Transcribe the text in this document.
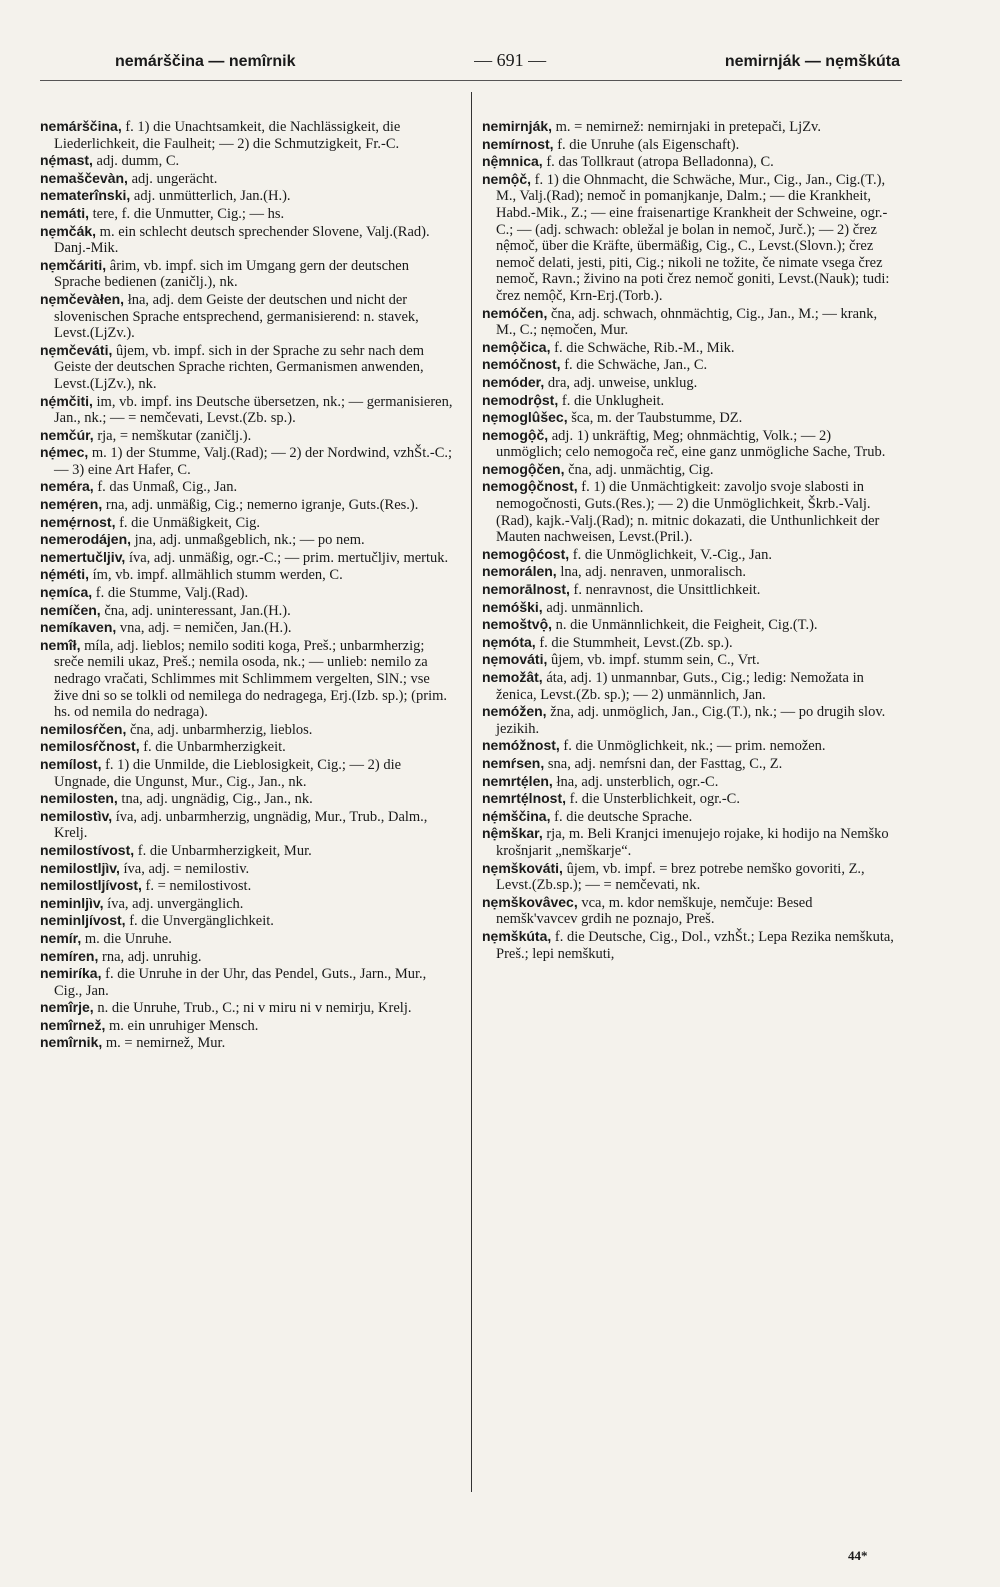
nemárščina — nemîrnik	— 691 —	nemirnják — nẹmškúta

nemárščina, f. 1) die Unachtsamkeit, die Nachlässigkeit, die Liederlichkeit, die Faulheit; — 2) die Schmutzigkeit, Fr.-C.

nẹ́mast, adj. dumm, C.

nemaščevàn, adj. ungerächt.

nematerînski, adj. unmütterlich, Jan.(H.).

nemáti, tere, f. die Unmutter, Cig.; — hs.

nẹmčák, m. ein schlecht deutsch sprechender Slovene, Valj.(Rad). Danj.-Mik.

nẹmčáriti, ârim, vb. impf. sich im Umgang gern der deutschen Sprache bedienen (zaničlj.), nk.

nẹmčevàłen, łna, adj. dem Geiste der deutschen und nicht der slovenischen Sprache entsprechend, germanisierend: n. stavek, Levst.(LjZv.).

nẹmčeváti, ûjem, vb. impf. sich in der Sprache zu sehr nach dem Geiste der deutschen Sprache richten, Germanismen anwenden, Levst.(LjZv.), nk.

nẹ́mčiti, im, vb. impf. ins Deutsche übersetzen, nk.; — germanisieren, Jan., nk.; — = nemčevati, Levst.(Zb. sp.).

nemčúr, rja, = nemškutar (zaničlj.).

nẹ́mec, m. 1) der Stumme, Valj.(Rad); — 2) der Nordwind, vzhŠt.-C.; — 3) eine Art Hafer, C.

neméra, f. das Unmaß, Cig., Jan.

nemẹ́ren, rna, adj. unmäßig, Cig.; nemerno igranje, Guts.(Res.).

nemẹ́rnost, f. die Unmäßigkeit, Cig.

nemerodájen, jna, adj. unmaßgeblich, nk.; — po nem.

nemertučljiv, íva, adj. unmäßig, ogr.-C.; — prim. mertučljiv, mertuk.

nẹ́méti, ím, vb. impf. allmählich stumm werden, C.

nẹmíca, f. die Stumme, Valj.(Rad).

nemíčen, čna, adj. uninteressant, Jan.(H.).

nemíkaven, vna, adj. = nemičen, Jan.(H.).

nemîł, míla, adj. lieblos; nemilo soditi koga, Preš.; unbarmherzig; sreče nemili ukaz, Preš.; nemila osoda, nk.; — unlieb: nemilo za nedrago vračati, Schlimmes mit Schlimmem vergelten, SlN.; vse žive dni so se tolkli od nemilega do nedragega, Erj.(Izb. sp.); (prim. hs. od nemila do nedraga).

nemilosŕčen, čna, adj. unbarmherzig, lieblos.

nemilosŕčnost, f. die Unbarmherzigkeit.

nemílost, f. 1) die Unmilde, die Lieblosigkeit, Cig.; — 2) die Ungnade, die Ungunst, Mur., Cig., Jan., nk.

nemilosten, tna, adj. ungnädig, Cig., Jan., nk.

nemilostìv, íva, adj. unbarmherzig, ungnädig, Mur., Trub., Dalm., Krelj.

nemilostívost, f. die Unbarmherzigkeit, Mur.

nemilostljìv, íva, adj. = nemilostiv.

nemilostljívost, f. = nemilostivost.

neminljìv, íva, adj. unvergänglich.

neminljívost, f. die Unvergänglichkeit.

nemír, m. die Unruhe.

nemíren, rna, adj. unruhig.

nemiríka, f. die Unruhe in der Uhr, das Pendel, Guts., Jarn., Mur., Cig., Jan.

nemîrje, n. die Unruhe, Trub., C.; ni v miru ni v nemirju, Krelj.

nemîrnež, m. ein unruhiger Mensch.

nemîrnik, m. = nemirnež, Mur.

nemirnják, m. = nemirnež: nemirnjaki in pretepači, LjZv.

nemírnost, f. die Unruhe (als Eigenschaft).

nệmnica, f. das Tollkraut (atropa Belladonna), C.

nemộč, f. 1) die Ohnmacht, die Schwäche, Mur., Cig., Jan., Cig.(T.), M., Valj.(Rad); nemoč in pomanjkanje, Dalm.; — die Krankheit, Habd.-Mik., Z.; — eine fraisenartige Krankheit der Schweine, ogr.-C.; — (adj. schwach: obležal je bolan in nemoč, Jurč.); — 2) črez nệmoč, über die Kräfte, übermäßig, Cig., C., Levst.(Slovn.); črez nemoč delati, jesti, piti, Cig.; nikoli ne tožite, če nimate vsega črez nemoč, Ravn.; živino na poti črez nemoč goniti, Levst.(Nauk); tudi: črez nemộč, Krn-Erj.(Torb.).

nemóčen, čna, adj. schwach, ohnmächtig, Cig., Jan., M.; — krank, M., C.; nẹmočen, Mur.

nemộčica, f. die Schwäche, Rib.-M., Mik.

nemóčnost, f. die Schwäche, Jan., C.

nemóder, dra, adj. unweise, unklug.

nemodrộst, f. die Unklugheit.

nẹmoglûšec, šca, m. der Taubstumme, DZ.

nemogộč, adj. 1) unkräftig, Meg; ohnmächtig, Volk.; — 2) unmöglich; celo nemogoča reč, eine ganz unmögliche Sache, Trub.

nemogộčen, čna, adj. unmächtig, Cig.

nemogộčnost, f. 1) die Unmächtigkeit: zavoljo svoje slabosti in nemogočnosti, Guts.(Res.); — 2) die Unmöglichkeit, Škrb.-Valj.(Rad), kajk.-Valj.(Rad); n. mitnic dokazati, die Unthunlichkeit der Mauten nachweisen, Levst.(Pril.).

nemogộćost, f. die Unmöglichkeit, V.-Cig., Jan.

nemorálen, lna, adj. nenraven, unmoralisch.

nemorālnost, f. nenravnost, die Unsittlichkeit.

nemóški, adj. unmännlich.

nemoštvộ, n. die Unmännlichkeit, die Feigheit, Cig.(T.).

nẹmóta, f. die Stummheit, Levst.(Zb. sp.).

nẹmováti, ûjem, vb. impf. stumm sein, C., Vrt.

nemožât, áta, adj. 1) unmannbar, Guts., Cig.; ledig: Nemožata in ženica, Levst.(Zb. sp.); — 2) unmännlich, Jan.

nemóžen, žna, adj. unmöglich, Jan., Cig.(T.), nk.; — po drugih slov. jezikih.

nemóžnost, f. die Unmöglichkeit, nk.; — prim. nemožen.

nemŕsen, sna, adj. nemŕsni dan, der Fasttag, C., Z.

nemrtẹ́len, łna, adj. unsterblich, ogr.-C.

nemrtẹ́lnost, f. die Unsterblichkeit, ogr.-C.

nẹ́mščina, f. die deutsche Sprache.

nệmškar, rja, m. Beli Kranjci imenujejo rojake, ki hodijo na Nemško krošnjarit „nemškarje“.

nẹmškováti, ûjem, vb. impf. = brez potrebe nemško govoriti, Z., Levst.(Zb.sp.); — = nemčevati, nk.

nẹmškovâvec, vca, m. kdor nemškuje, nemčuje: Besed nemšk'vavcev grdih ne poznajo, Preš.

nẹmškúta, f. die Deutsche, Cig., Dol., vzhŠt.; Lepa Rezika nemškuta, Preš.; lepi nemškuti,

44*
